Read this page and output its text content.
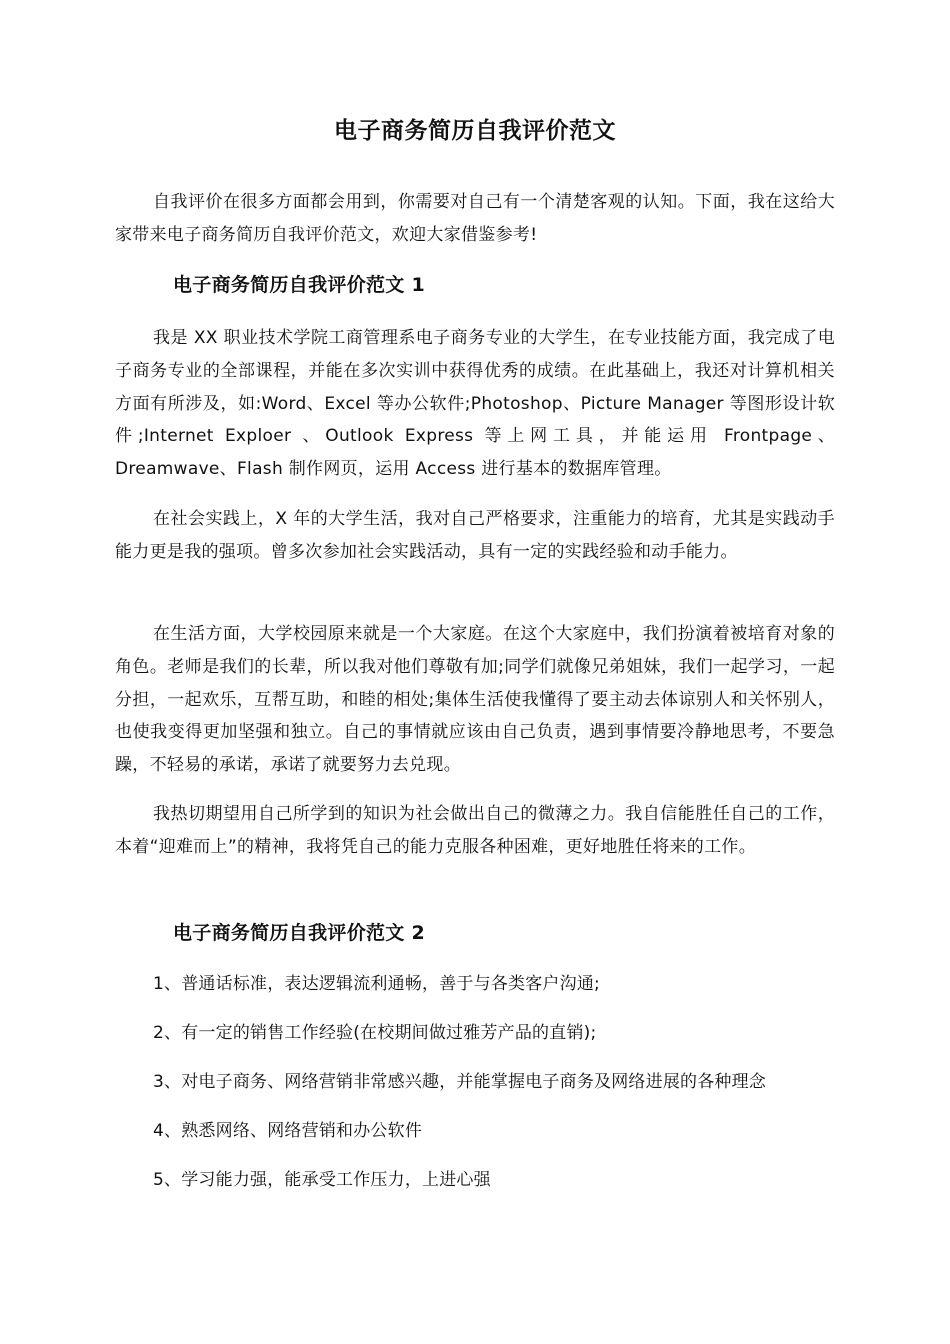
电子商务简历自我评价范文

自我评价在很多方面都会用到，你需要对自己有一个清楚客观的认知。下面，我在这给大家带来电子商务简历自我评价范文，欢迎大家借鉴参考!

电子商务简历自我评价范文 1

我是 XX 职业技术学院工商管理系电子商务专业的大学生，在专业技能方面，我完成了电子商务专业的全部课程，并能在多次实训中获得优秀的成绩。在此基础上，我还对计算机相关方面有所涉及，如:Word、Excel 等办公软件;Photoshop、Picture Manager 等图形设计软件;Internet Exploer 、Outlook Express 等上网工具，并能运用 Frontpage、Dreamwave、Flash 制作网页，运用 Access 进行基本的数据库管理。

在社会实践上，X 年的大学生活，我对自己严格要求，注重能力的培育，尤其是实践动手能力更是我的强项。曾多次参加社会实践活动，具有一定的实践经验和动手能力。

在生活方面，大学校园原来就是一个大家庭。在这个大家庭中，我们扮演着被培育对象的角色。老师是我们的长辈，所以我对他们尊敬有加;同学们就像兄弟姐妹，我们一起学习，一起分担，一起欢乐，互帮互助，和睦的相处;集体生活使我懂得了要主动去体谅别人和关怀别人，也使我变得更加坚强和独立。自己的事情就应该由自己负责，遇到事情要冷静地思考，不要急躁，不轻易的承诺，承诺了就要努力去兑现。

我热切期望用自己所学到的知识为社会做出自己的微薄之力。我自信能胜任自己的工作，本着“迎难而上”的精神，我将凭自己的能力克服各种困难，更好地胜任将来的工作。

电子商务简历自我评价范文 2
1、普通话标准，表达逻辑流利通畅，善于与各类客户沟通;
2、有一定的销售工作经验(在校期间做过雅芳产品的直销);
3、对电子商务、网络营销非常感兴趣，并能掌握电子商务及网络进展的各种理念
4、熟悉网络、网络营销和办公软件
5、学习能力强，能承受工作压力，上进心强
